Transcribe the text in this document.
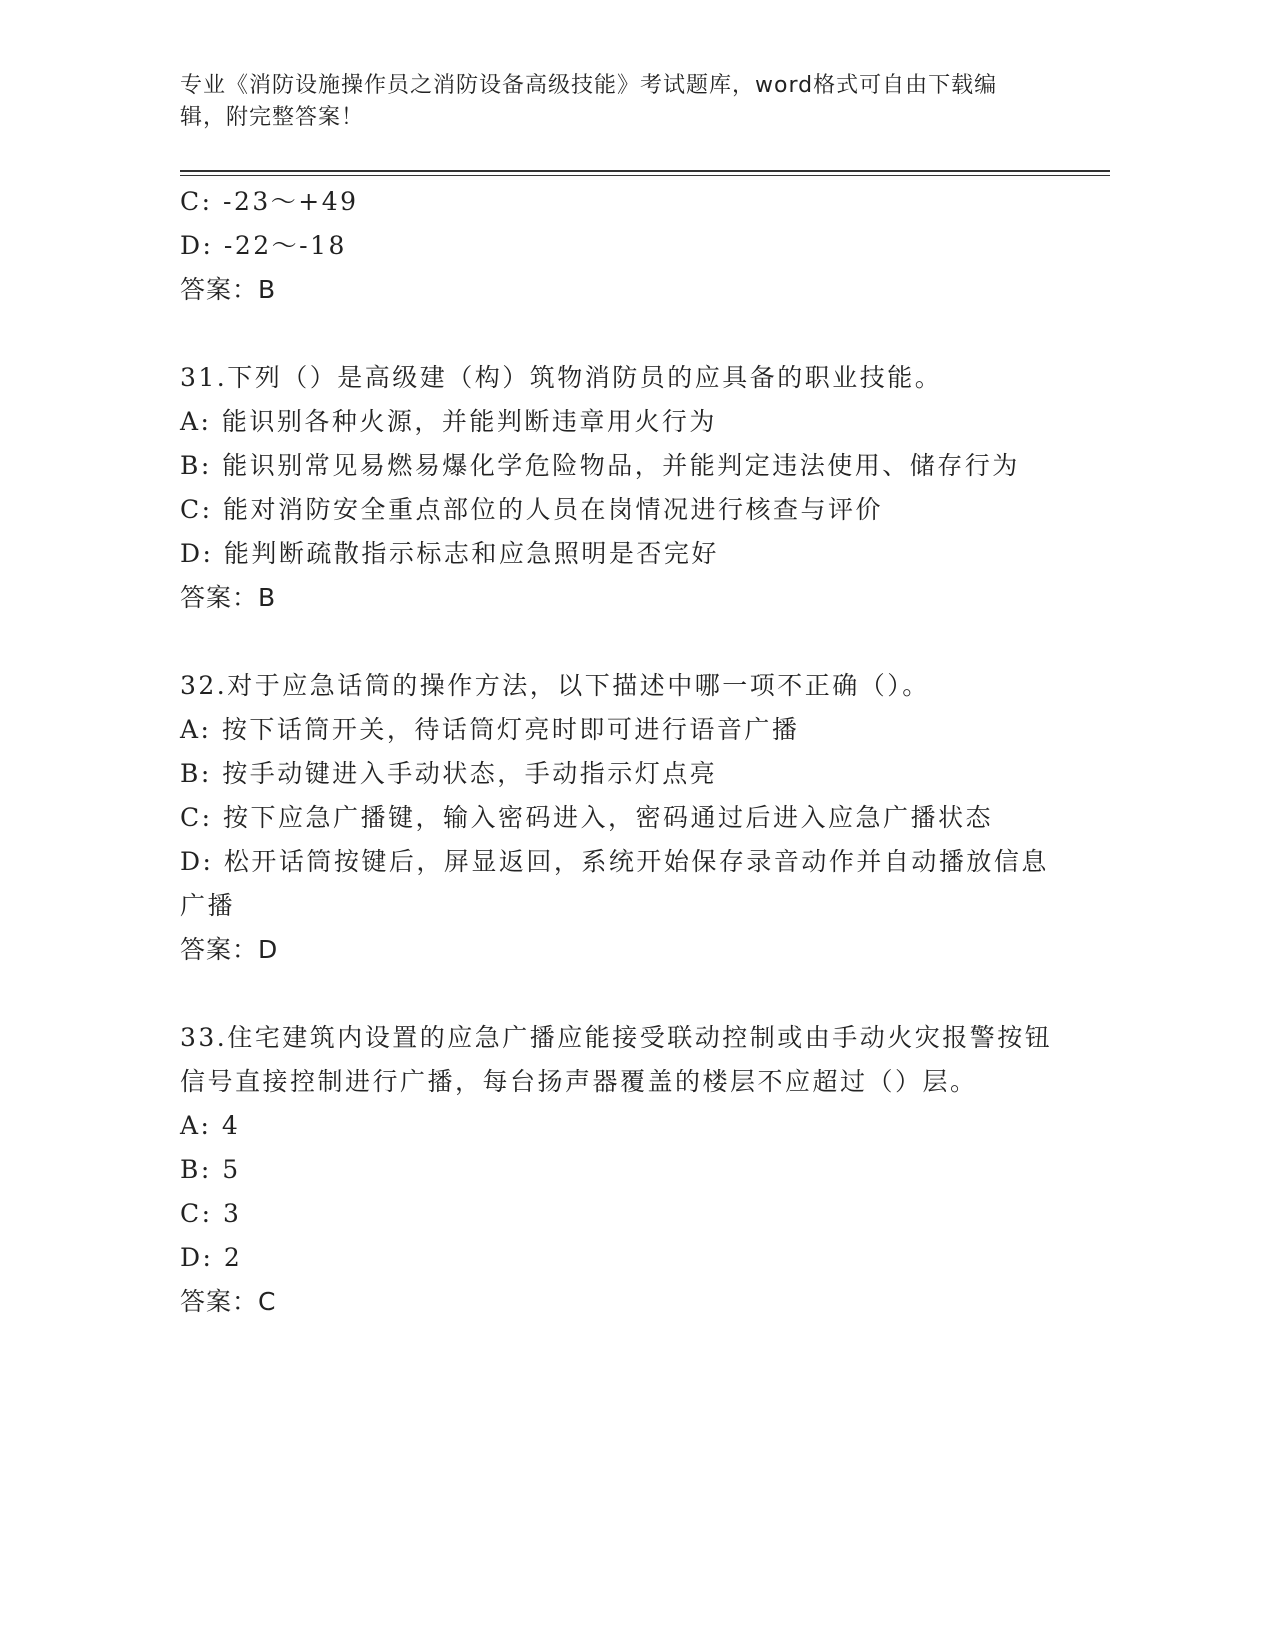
专业《消防设施操作员之消防设备高级技能》考试题库，word格式可自由下载编辑，附完整答案！
C: -23～+49
D: -22～-18
答案：B
31.下列（）是高级建（构）筑物消防员的应具备的职业技能。
A: 能识别各种火源，并能判断违章用火行为
B: 能识别常见易燃易爆化学危险物品，并能判定违法使用、储存行为
C: 能对消防安全重点部位的人员在岗情况进行核查与评价
D: 能判断疏散指示标志和应急照明是否完好
答案：B
32.对于应急话筒的操作方法，以下描述中哪一项不正确（）。
A: 按下话筒开关，待话筒灯亮时即可进行语音广播
B: 按手动键进入手动状态，手动指示灯点亮
C: 按下应急广播键，输入密码进入，密码通过后进入应急广播状态
D: 松开话筒按键后，屏显返回，系统开始保存录音动作并自动播放信息广播
答案：D
33.住宅建筑内设置的应急广播应能接受联动控制或由手动火灾报警按钮信号直接控制进行广播，每台扬声器覆盖的楼层不应超过（）层。
A: 4
B: 5
C: 3
D: 2
答案：C
